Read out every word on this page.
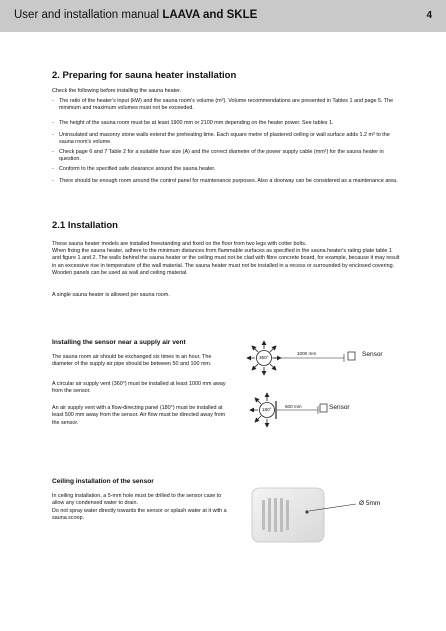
User and installation manual LAAVA and SKLE	4
2. Preparing for sauna heater installation
Check the following before installing the sauna heater.
- The ratio of the heater's input (kW) and the sauna room's volume (m³). Volume recommendations are presented in Tables 1 and page 5. The minimum and maximum volumes must not be exceeded.
- The height of the sauna room must be at least 1900 mm or 2100 mm depending on the heater power. See tables 1.
- Uninsulated and masonry stone walls extend the preheating time. Each square metre of plastered ceiling or wall surface adds 1.2 m³ to the sauna room's volume.
- Check page 6 and 7 Table 2 for a suitable fuse size (A) and the correct diameter of the power supply cable (mm²) for the sauna heater in question.
- Conform to the specified safe clearance around the sauna heater.
- There should be enough room around the control panel for maintenance purposes. Also a doorway can be considered as a maintenance area.
2.1 Installation
These sauna heater models are installed freestanding and fixed on the floor from two legs with cotter bolts.
When fixing the sauna heater, adhere to the minimum distances from flammable surfaces as specified in the sauna heater's rating plate table 1 and figure 1 and 2. The walls behind the sauna heater or the ceiling must not be clad with fibre concrete board, for example, because it may result in an excessive rise in temperature of the wall material. The sauna heater must not be installed in a recess or surrounded by enclosed covering. Wooden panels can be used as wall and ceiling material.
A single sauna heater is allowed per sauna room.
Installing the sensor near a supply air vent
The sauna room air should be exchanged six times in an hour. The diameter of the supply air pipe should be between 50 and 100 mm.
A circular air supply vent (360°) must be installed at least 1000 mm away from the sensor.
An air supply vent with a flow-directing panel (180°) must be installed at least 500 mm away from the sensor. Air flow must be directed away from the sensor.
360°
1000 mm	Sensor
180°
500 mm	Sensor
Ceiling installation of the sensor
In ceiling installation, a 5-mm hole must be drilled to the sensor case to allow any condensed water to drain.
Do not spray water directly towards the sensor or splash water at it with a sauna scoop.
Ø 5mm
